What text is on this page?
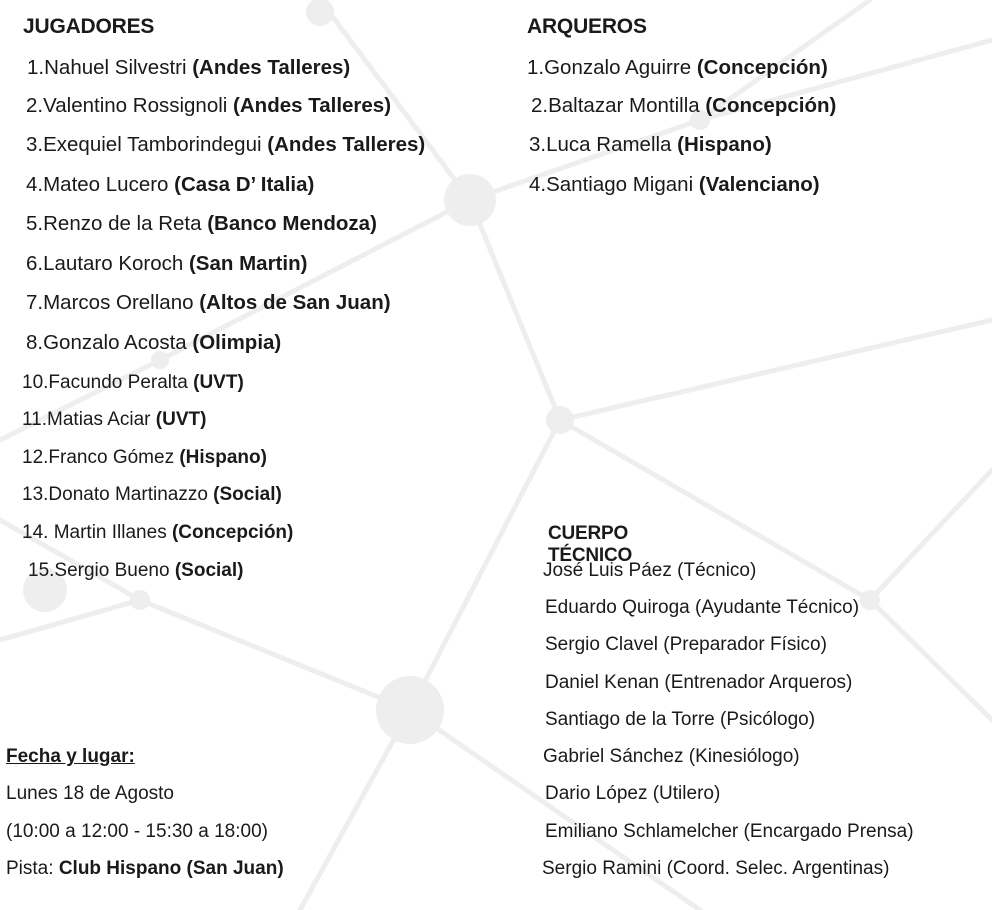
JUGADORES
1.Nahuel Silvestri (Andes Talleres)
2.Valentino Rossignoli (Andes Talleres)
3.Exequiel Tamborindegui (Andes Talleres)
4.Mateo Lucero (Casa D’ Italia)
5.Renzo de la Reta (Banco Mendoza)
6.Lautaro Koroch (San Martin)
7.Marcos Orellano (Altos de San Juan)
8.Gonzalo Acosta (Olimpia)
10.Facundo Peralta (UVT)
11.Matias Aciar (UVT)
12.Franco Gómez (Hispano)
13.Donato Martinazzo (Social)
14. Martin Illanes (Concepción)
15.Sergio Bueno (Social)
ARQUEROS
1.Gonzalo Aguirre (Concepción)
2.Baltazar Montilla (Concepción)
3.Luca Ramella (Hispano)
4.Santiago Migani (Valenciano)
CUERPO TÉCNICO
José Luis Páez (Técnico)
Eduardo Quiroga (Ayudante Técnico)
Sergio Clavel (Preparador Físico)
Daniel Kenan (Entrenador Arqueros)
Santiago de la Torre (Psicólogo)
Gabriel Sánchez (Kinesiólogo)
Dario López (Utilero)
Emiliano Schlamelcher (Encargado Prensa)
Sergio Ramini (Coord. Selec. Argentinas)
Fecha y lugar:
Lunes 18 de Agosto
(10:00 a 12:00 - 15:30 a 18:00)
Pista: Club Hispano (San Juan)
